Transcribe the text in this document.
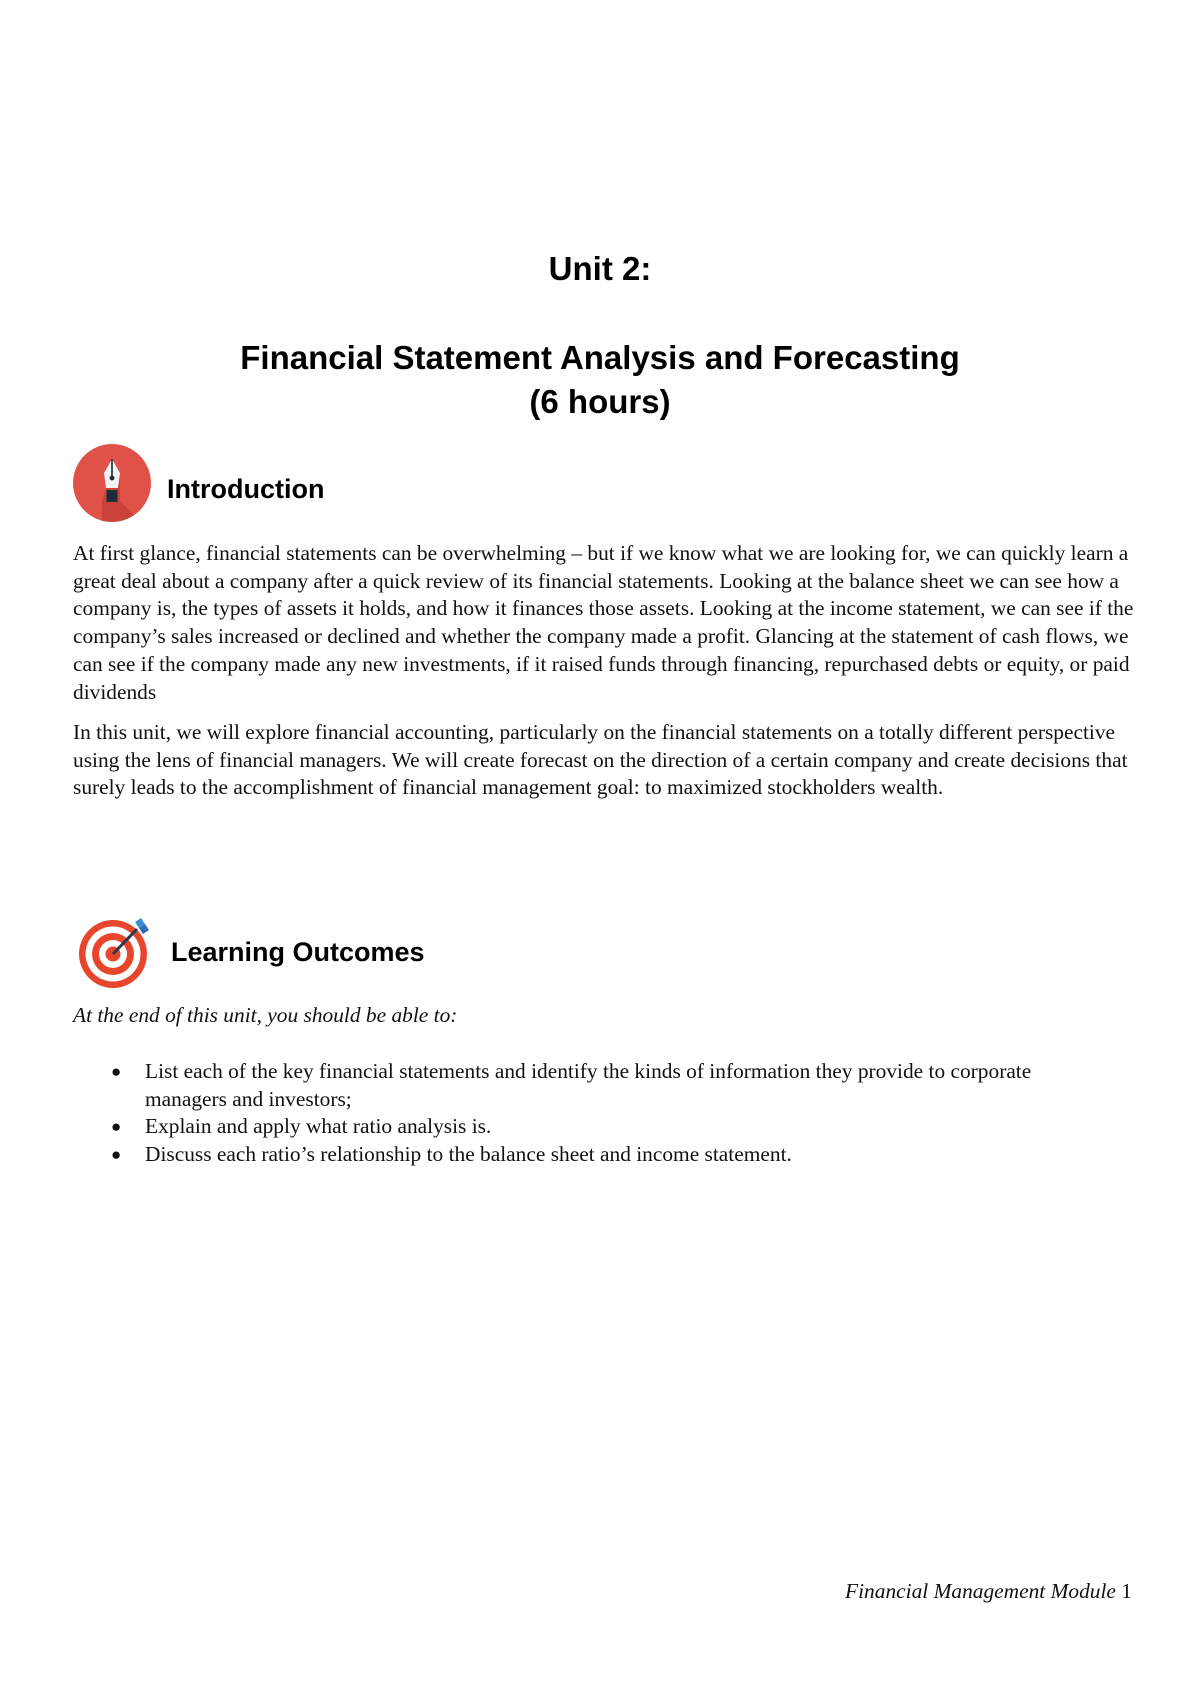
Unit 2:
Financial Statement Analysis and Forecasting
(6 hours)
Introduction

At first glance, financial statements can be overwhelming – but if we know what we are looking for, we can quickly learn a great deal about a company after a quick review of its financial statements. Looking at the balance sheet we can see how a company is, the types of assets it holds, and how it finances those assets. Looking at the income statement, we can see if the company’s sales increased or declined and whether the company made a profit. Glancing at the statement of cash flows, we can see if the company made any new investments, if it raised funds through financing, repurchased debts or equity, or paid dividends

In this unit, we will explore financial accounting, particularly on the financial statements on a totally different perspective using the lens of financial managers. We will create forecast on the direction of a certain company and create decisions that surely leads to the accomplishment of financial management goal: to maximized stockholders wealth.

Learning Outcomes
At the end of this unit, you should be able to:
● List each of the key financial statements and identify the kinds of information they provide to corporate managers and investors;
● Explain and apply what ratio analysis is.
● Discuss each ratio’s relationship to the balance sheet and income statement.
Financial Management Module 1
